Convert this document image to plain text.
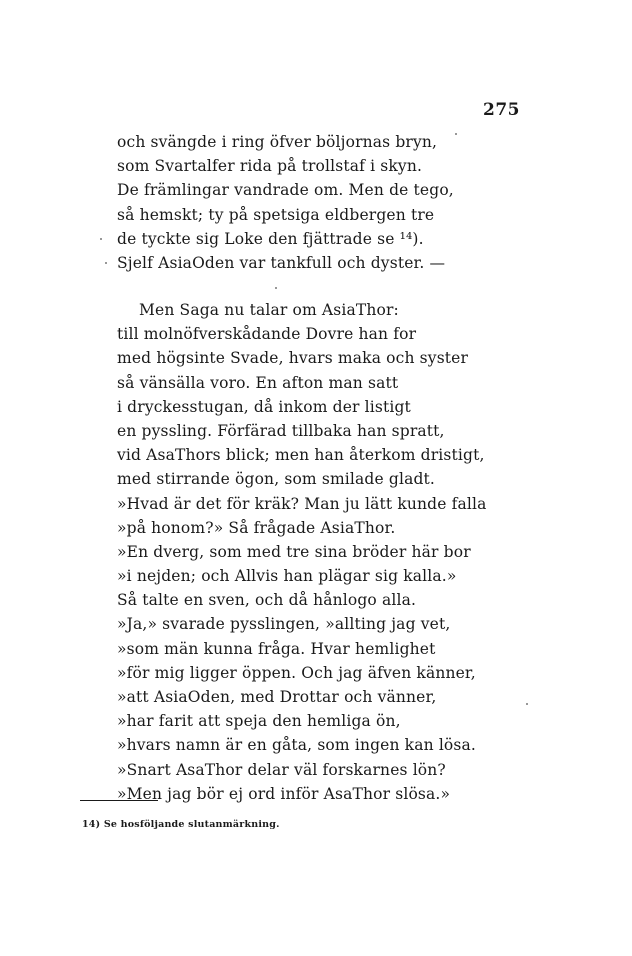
275
och svängde i ring öfver böljornas bryn,
som Svartalfer rida på trollstaf i skyn.
De främlingar vandrade om. Men de tego,
så hemskt; ty på spetsiga eldbergen tre
de tyckte sig Loke den fjättrade se ¹⁴).
Sjelf AsiaOden var tankfull och dyster. —
Men Saga nu talar om AsiaThor:
till molnöfverskådande Dovre han for
med högsinte Svade, hvars maka och syster
så vänsälla voro. En afton man satt
i dryckesstugan, då inkom der listigt
en pyssling. Förfärad tillbaka han spratt,
vid AsaThors blick; men han återkom dristigt,
med stirrande ögon, som smilade gladt.
»Hvad är det för kräk? Man ju lätt kunde falla
»på honom?» Så frågade AsiaThor.
»En dverg, som med tre sina bröder här bor
»i nejden; och Allvis han plägar sig kalla.»
Så talte en sven, och då hånlogo alla.
»Ja,» svarade pysslingen, »allting jag vet,
»som män kunna fråga. Hvar hemlighet
»för mig ligger öppen. Och jag äfven känner,
»att AsiaOden, med Drottar och vänner,
»har farit att speja den hemliga ön,
»hvars namn är en gåta, som ingen kan lösa.
»Snart AsaThor delar väl forskarnes lön?
»Men jag bör ej ord inför AsaThor slösa.»
14) Se hosföljande slutanmärkning.
